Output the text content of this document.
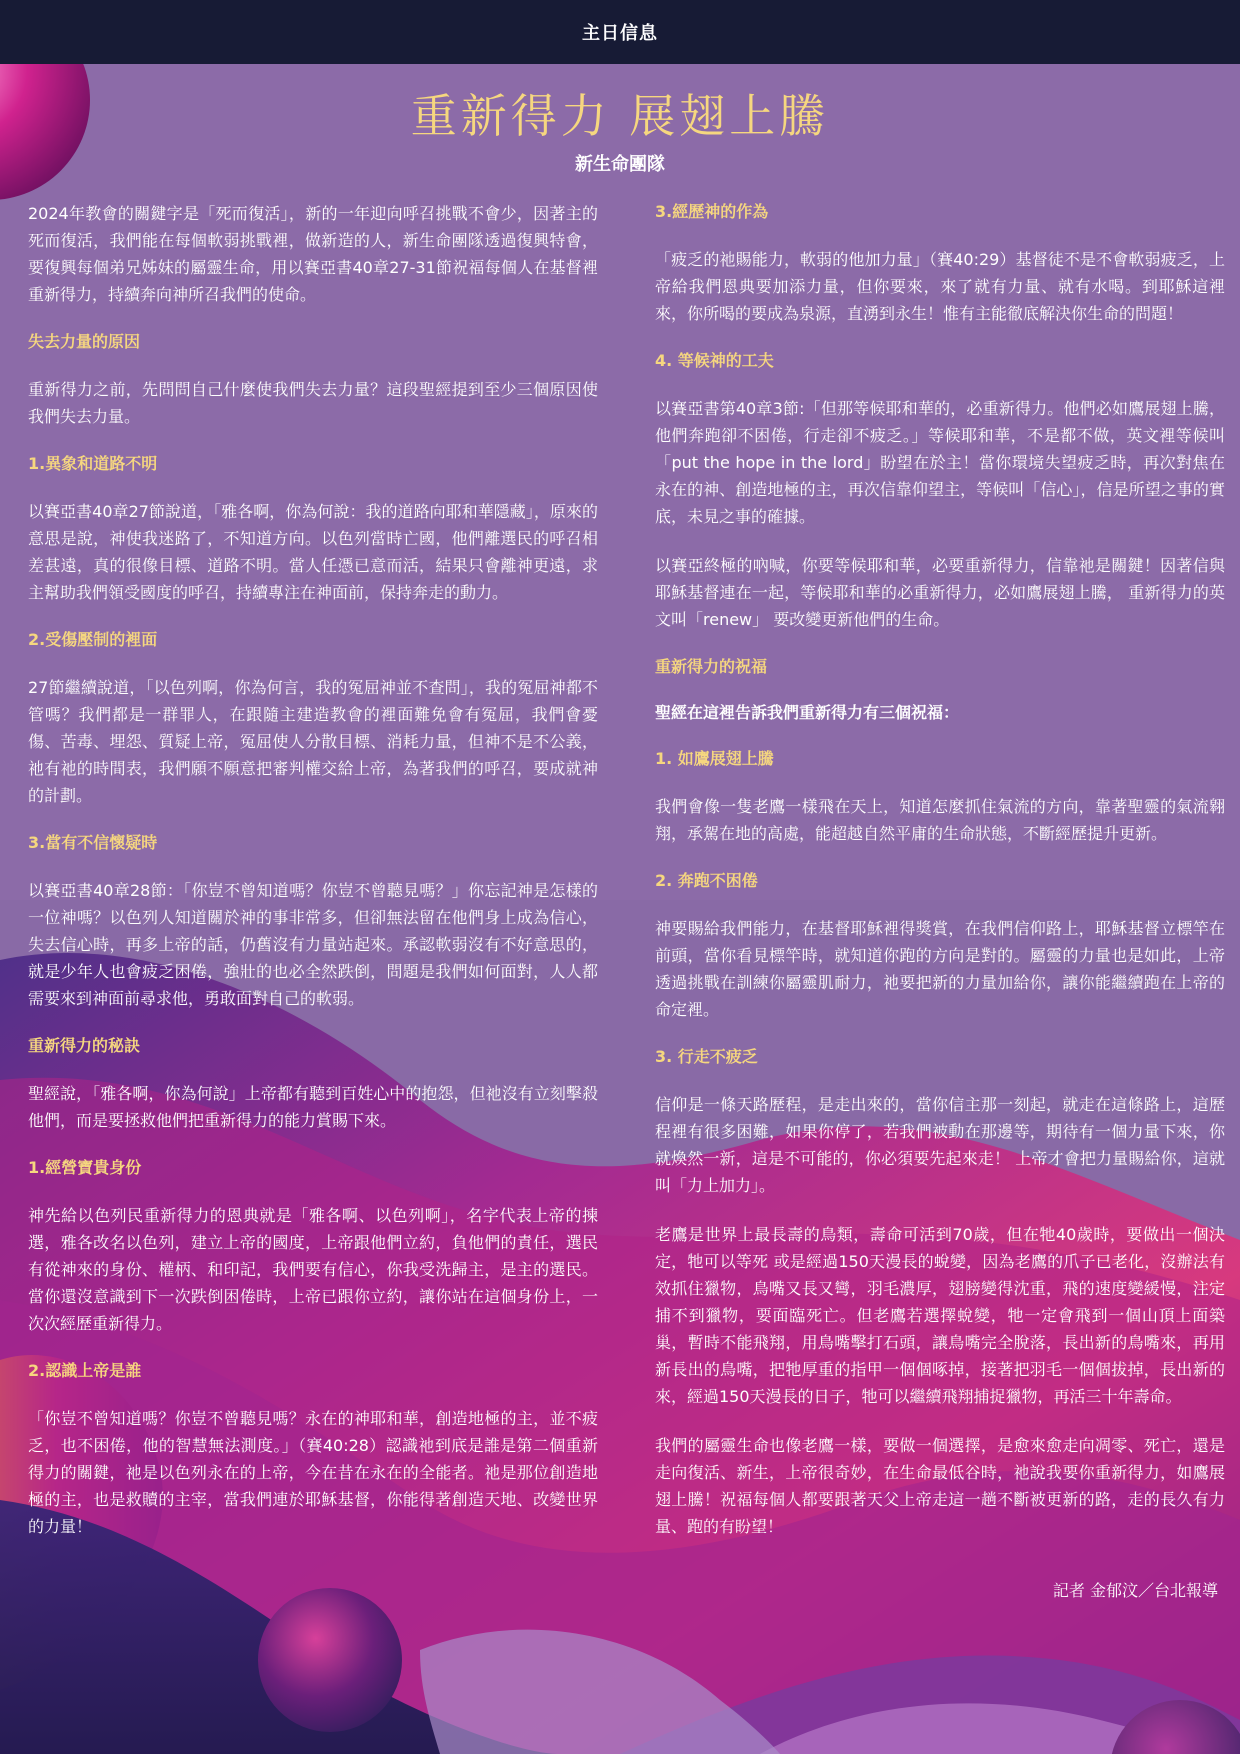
主日信息
重新得力 展翅上騰
新生命團隊

2024年教會的關鍵字是「死而復活」，新的一年迎向呼召挑戰不會少，因著主的死而復活，我們能在每個軟弱挑戰裡，做新造的人，新生命團隊透過復興特會，要復興每個弟兄姊妹的屬靈生命，用以賽亞書40章27-31節祝福每個人在基督裡重新得力，持續奔向神所召我們的使命。

失去力量的原因

重新得力之前，先問問自己什麼使我們失去力量？這段聖經提到至少三個原因使我們失去力量。

1.異象和道路不明

以賽亞書40章27節說道，「雅各啊，你為何說：我的道路向耶和華隱藏」，原來的意思是說，神使我迷路了，不知道方向。以色列當時亡國，他們離選民的呼召相差甚遠，真的很像目標、道路不明。當人任憑已意而活，結果只會離神更遠，求主幫助我們領受國度的呼召，持續專注在神面前，保持奔走的動力。

2.受傷壓制的裡面

27節繼續說道，「以色列啊，你為何言，我的冤屈神並不查問」，我的冤屈神都不管嗎？我們都是一群罪人，在跟隨主建造教會的裡面難免會有冤屈，我們會憂傷、苦毒、埋怨、質疑上帝，冤屈使人分散目標、消耗力量，但神不是不公義，祂有祂的時間表，我們願不願意把審判權交給上帝，為著我們的呼召，要成就神的計劃。

3.當有不信懷疑時

以賽亞書40章28節：「你豈不曾知道嗎？你豈不曾聽見嗎？」你忘記神是怎樣的一位神嗎？以色列人知道關於神的事非常多，但卻無法留在他們身上成為信心，失去信心時，再多上帝的話，仍舊沒有力量站起來。承認軟弱沒有不好意思的，就是少年人也會疲乏困倦，強壯的也必全然跌倒，問題是我們如何面對，人人都需要來到神面前尋求他，勇敢面對自己的軟弱。

重新得力的秘訣

聖經說，「雅各啊，你為何說」上帝都有聽到百姓心中的抱怨，但祂沒有立刻擊殺他們，而是要拯救他們把重新得力的能力賞賜下來。

1.經營寶貴身份

神先給以色列民重新得力的恩典就是「雅各啊、以色列啊」，名字代表上帝的揀選，雅各改名以色列，建立上帝的國度，上帝跟他們立約，負他們的責任，選民有從神來的身份、權柄、和印記，我們要有信心，你我受洗歸主，是主的選民。當你還沒意識到下一次跌倒困倦時，上帝已跟你立約，讓你站在這個身份上，一次次經歷重新得力。

2.認識上帝是誰

「你豈不曾知道嗎？你豈不曾聽見嗎？永在的神耶和華，創造地極的主，並不疲乏，也不困倦，他的智慧無法測度。」（賽40:28）認識祂到底是誰是第二個重新得力的關鍵，祂是以色列永在的上帝，今在昔在永在的全能者。祂是那位創造地極的主，也是救贖的主宰，當我們連於耶穌基督，你能得著創造天地、改變世界的力量！

3.經歷神的作為

「疲乏的祂賜能力，軟弱的他加力量」（賽40:29）基督徒不是不會軟弱疲乏，上帝給我們恩典要加添力量，但你要來，來了就有力量、就有水喝。到耶穌這裡來，你所喝的要成為泉源，直湧到永生！惟有主能徹底解決你生命的問題！

4. 等候神的工夫

以賽亞書第40章3節:「但那等候耶和華的，必重新得力。他們必如鷹展翅上騰，他們奔跑卻不困倦，行走卻不疲乏。」等候耶和華，不是都不做，英文裡等候叫「put the hope in the lord」盼望在於主！當你環境失望疲乏時，再次對焦在永在的神、創造地極的主，再次信靠仰望主，等候叫「信心」，信是所望之事的實底，未見之事的確據。

以賽亞終極的吶喊，你要等候耶和華，必要重新得力，信靠祂是關鍵！因著信與耶穌基督連在一起，等候耶和華的必重新得力，必如鷹展翅上騰， 重新得力的英文叫「renew」 要改變更新他們的生命。

重新得力的祝福
聖經在這裡告訴我們重新得力有三個祝福：
1. 如鷹展翅上騰

我們會像一隻老鷹一樣飛在天上，知道怎麼抓住氣流的方向，靠著聖靈的氣流翱翔，承駕在地的高處，能超越自然平庸的生命狀態，不斷經歷提升更新。

2. 奔跑不困倦

神要賜給我們能力，在基督耶穌裡得獎賞，在我們信仰路上，耶穌基督立標竿在前頭，當你看見標竿時，就知道你跑的方向是對的。屬靈的力量也是如此，上帝透過挑戰在訓練你屬靈肌耐力，祂要把新的力量加給你，讓你能繼續跑在上帝的命定裡。

3. 行走不疲乏

信仰是一條天路歷程，是走出來的，當你信主那一刻起，就走在這條路上，這歷程裡有很多困難，如果你停了，若我們被動在那邊等，期待有一個力量下來，你就煥然一新，這是不可能的，你必須要先起來走！ 上帝才會把力量賜給你，這就叫「力上加力」。

老鷹是世界上最長壽的鳥類，壽命可活到70歲，但在牠40歲時，要做出一個決定，牠可以等死 或是經過150天漫長的蛻變，因為老鷹的爪子已老化，沒辦法有效抓住獵物，鳥嘴又長又彎，羽毛濃厚，翅膀變得沈重，飛的速度變緩慢，注定捕不到獵物，要面臨死亡。但老鷹若選擇蛻變，牠一定會飛到一個山頂上面築巢，暫時不能飛翔，用鳥嘴擊打石頭，讓鳥嘴完全脫落，長出新的鳥嘴來，再用新長出的鳥嘴，把牠厚重的指甲一個個啄掉，接著把羽毛一個個拔掉，長出新的來，經過150天漫長的日子，牠可以繼續飛翔捕捉獵物，再活三十年壽命。

我們的屬靈生命也像老鷹一樣，要做一個選擇，是愈來愈走向凋零、死亡，還是走向復活、新生，上帝很奇妙，在生命最低谷時，祂說我要你重新得力，如鷹展翅上騰！祝福每個人都要跟著天父上帝走這一趟不斷被更新的路，走的長久有力量、跑的有盼望！

記者 金郁汶／台北報導
